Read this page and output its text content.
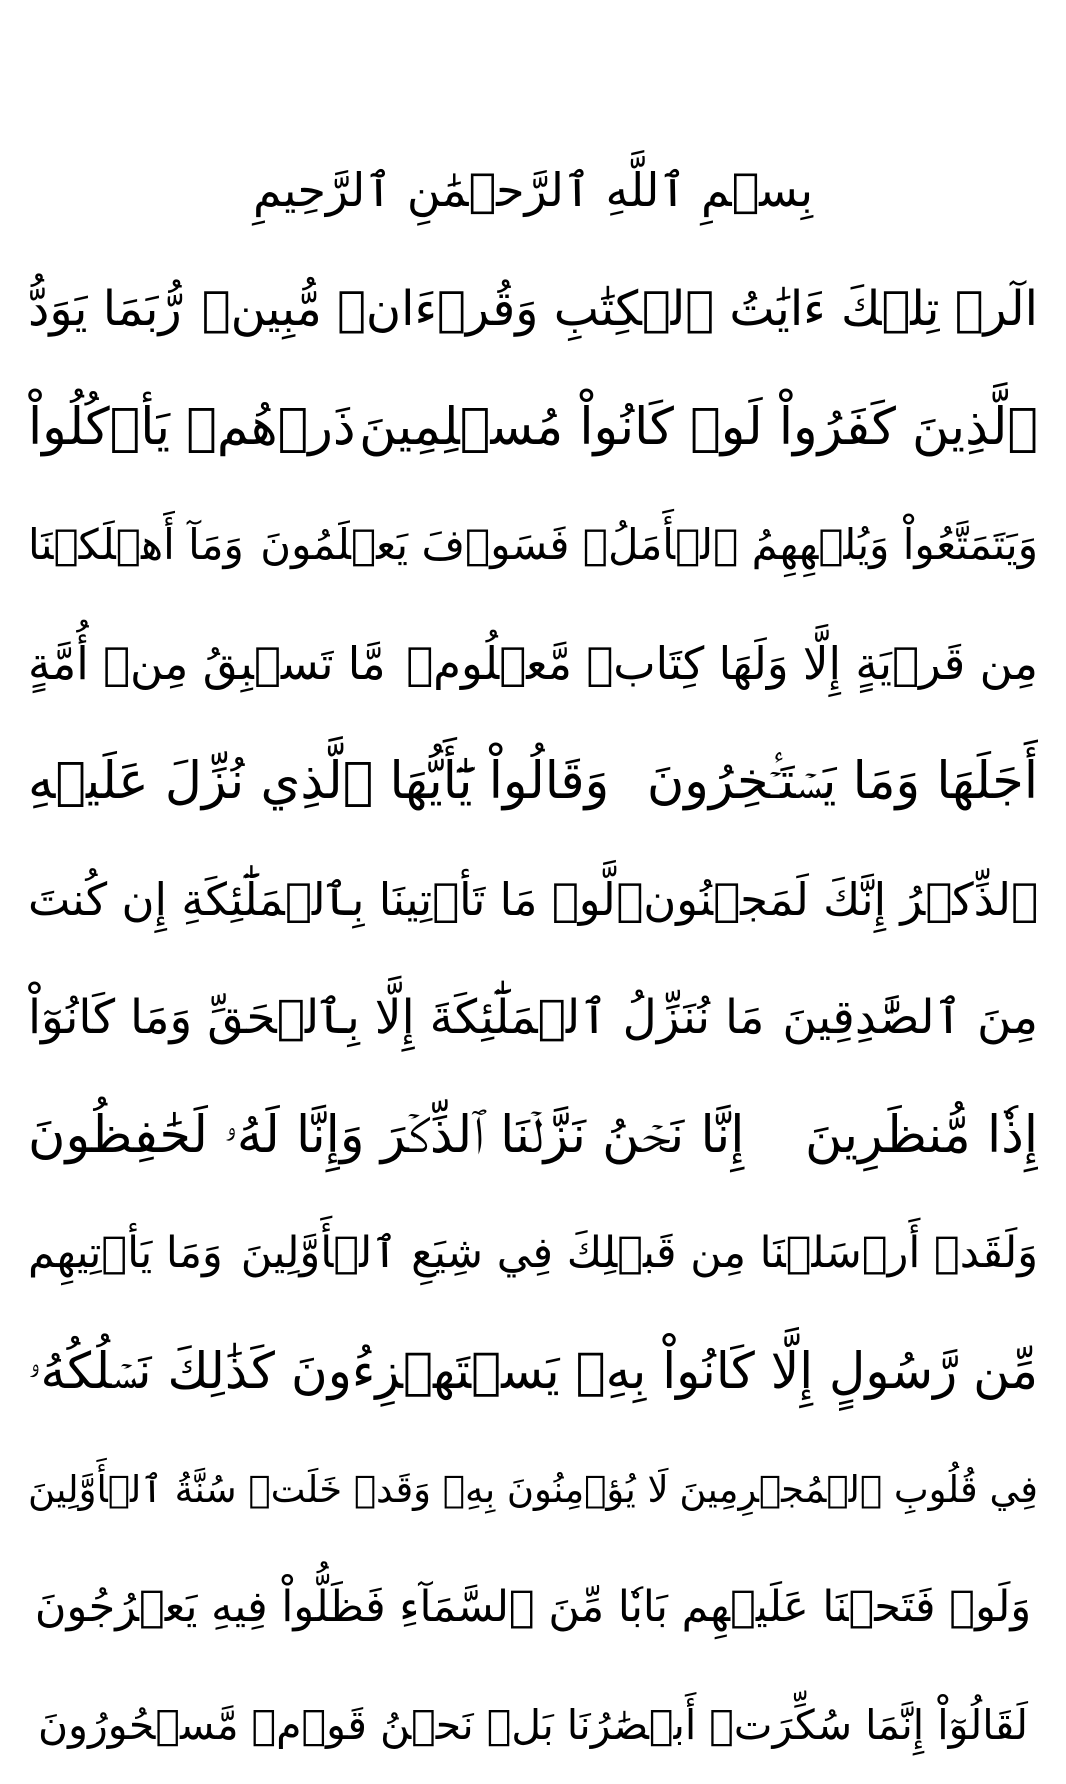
بِسۡمِ ٱللَّهِ ٱلرَّحۡمَٰنِ ٱلرَّحِيمِ
الٓرۚ تِلۡكَ ءَايَٰتُ ٱلۡكِتَٰبِ وَقُرۡءَانٖ مُّبِينٖ
رُّبَمَا يَوَدُّ
ٱلَّذِينَ كَفَرُواْ لَوۡ كَانُواْ مُسۡلِمِينَ
ذَرۡهُمۡ يَأۡكُلُواْ
وَيَتَمَتَّعُواْ وَيُلۡهِهِمُ ٱلۡأَمَلُۖ فَسَوۡفَ يَعۡلَمُونَ
وَمَآ أَهۡلَكۡنَا
مِن قَرۡيَةٍ إِلَّا وَلَهَا كِتَابٞ مَّعۡلُومٞ
مَّا تَسۡبِقُ مِنۡ أُمَّةٍ
أَجَلَهَا وَمَا يَسۡتَـٔۡخِرُونَ
وَقَالُواْ يَٰٓأَيُّهَا ٱلَّذِي نُزِّلَ عَلَيۡهِ
ٱلذِّكۡرُ إِنَّكَ لَمَجۡنُونٞ
لَّوۡ مَا تَأۡتِينَا بِٱلۡمَلَٰٓئِكَةِ إِن كُنتَ
مِنَ ٱلصَّٰدِقِينَ
مَا نُنَزِّلُ ٱلۡمَلَٰٓئِكَةَ إِلَّا بِٱلۡحَقِّ وَمَا كَانُوٓاْ
إِذٗا مُّنظَرِينَ
إِنَّا نَحۡنُ نَزَّلۡنَا ٱلذِّكۡرَ وَإِنَّا لَهُۥ لَحَٰفِظُونَ
وَلَقَدۡ أَرۡسَلۡنَا مِن قَبۡلِكَ فِي شِيَعِ ٱلۡأَوَّلِينَ
وَمَا يَأۡتِيهِم
مِّن رَّسُولٍ إِلَّا كَانُواْ بِهِۦ يَسۡتَهۡزِءُونَ
كَذَٰلِكَ نَسۡلُكُهُۥ
فِي قُلُوبِ ٱلۡمُجۡرِمِينَ
لَا يُؤۡمِنُونَ بِهِۦ وَقَدۡ خَلَتۡ سُنَّةُ ٱلۡأَوَّلِينَ
وَلَوۡ فَتَحۡنَا عَلَيۡهِم بَابٗا مِّنَ ٱلسَّمَآءِ فَظَلُّواْ فِيهِ يَعۡرُجُونَ
لَقَالُوٓاْ إِنَّمَا سُكِّرَتۡ أَبۡصَٰرُنَا بَلۡ نَحۡنُ قَوۡمٞ مَّسۡحُورُونَ
